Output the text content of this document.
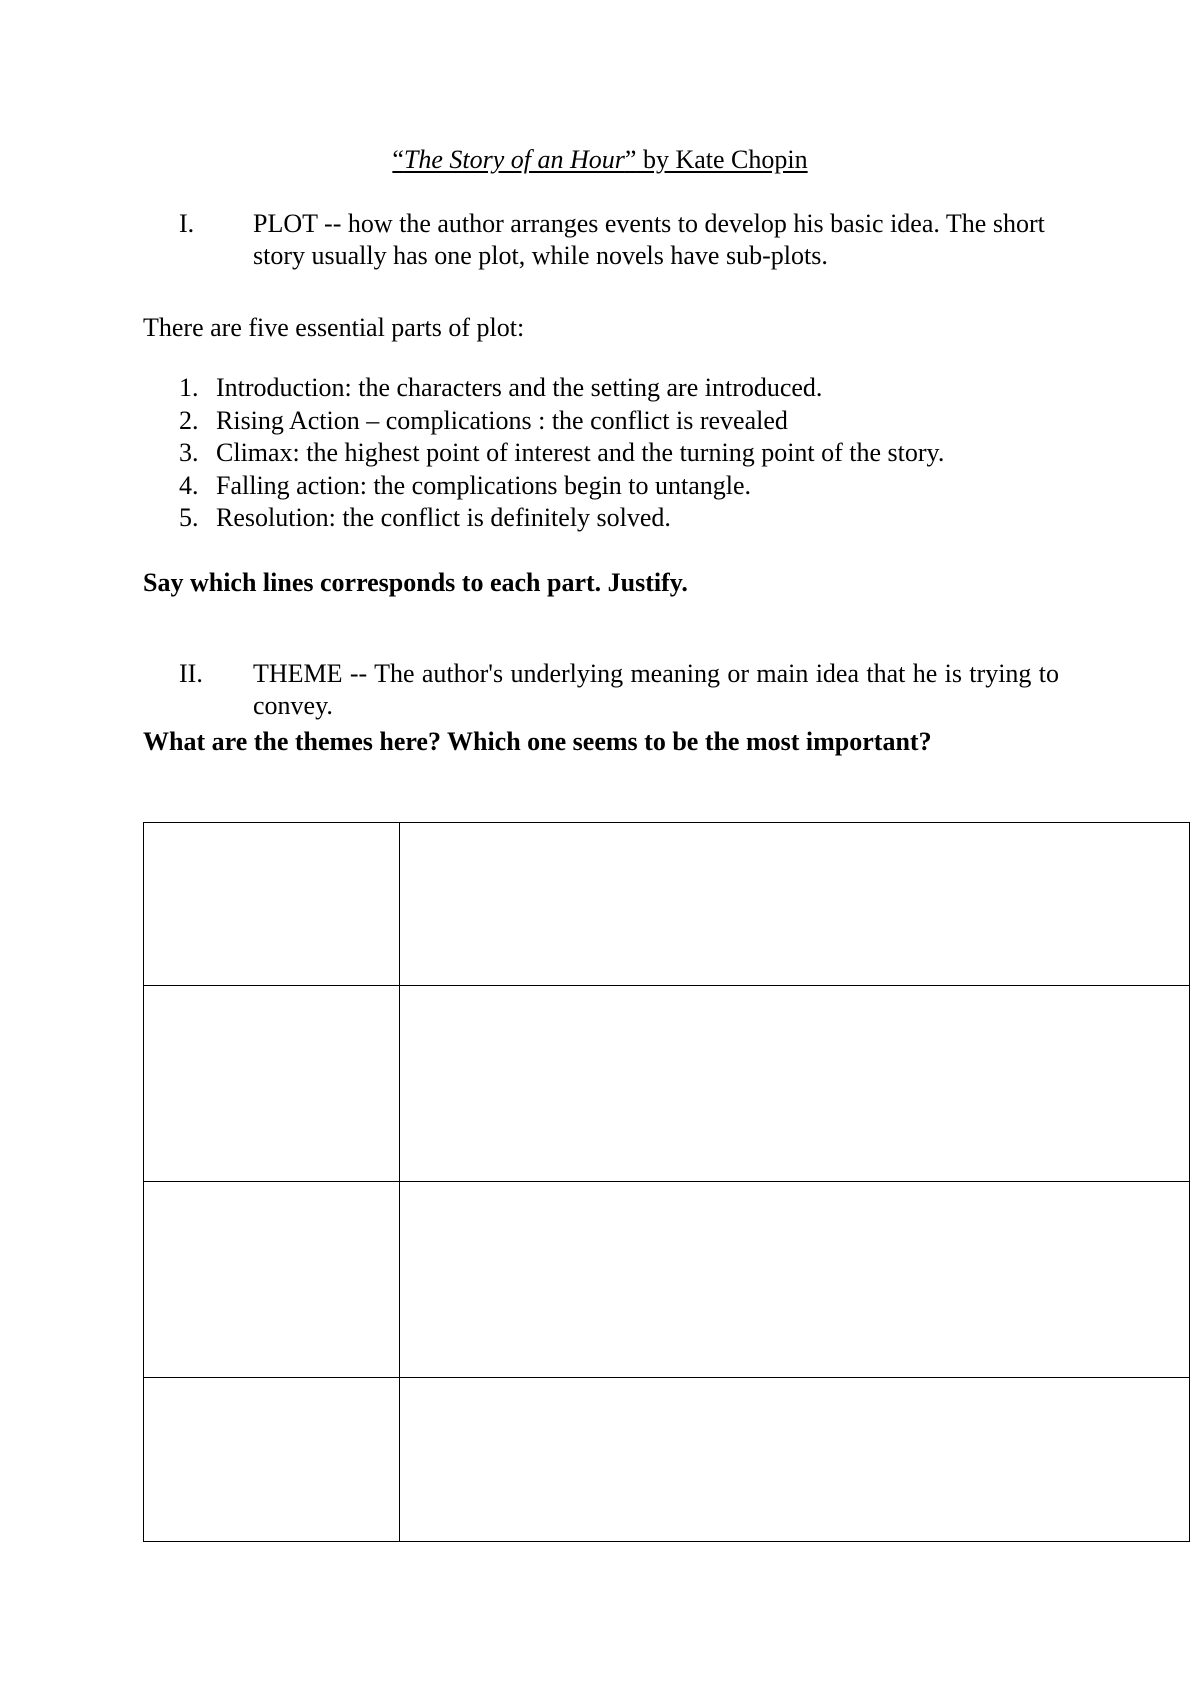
“The Story of an Hour” by Kate Chopin
I. PLOT -- how the author arranges events to develop his basic idea. The short story usually has one plot, while novels have sub-plots.
There are five essential parts of plot:
1. Introduction: the characters and the setting are introduced.
2. Rising Action – complications : the conflict is revealed
3. Climax: the highest point of interest and the turning point of the story.
4. Falling action: the complications begin to untangle.
5. Resolution: the conflict is definitely solved.
Say which lines corresponds to each part. Justify.
II. THEME -- The author's underlying meaning or main idea that he is trying to convey.
What are the themes here? Which one seems to be the most important?
